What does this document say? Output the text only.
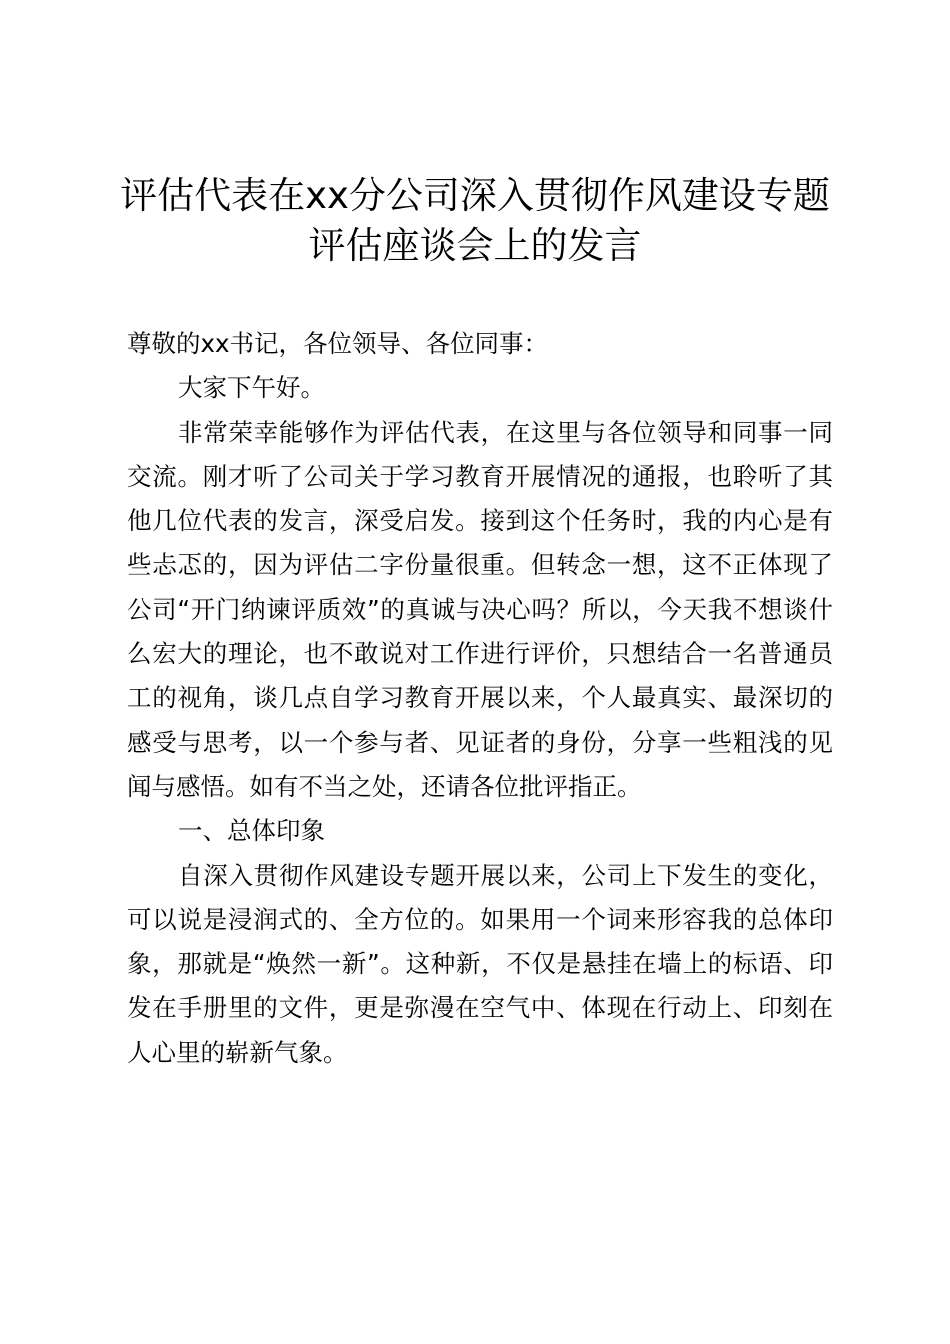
评估代表在xx分公司深入贯彻作风建设专题
评估座谈会上的发言

尊敬的xx书记，各位领导、各位同事：

大家下午好。

非常荣幸能够作为评估代表，在这里与各位领导和同事一同交流。刚才听了公司关于学习教育开展情况的通报，也聆听了其他几位代表的发言，深受启发。接到这个任务时，我的内心是有些忐忑的，因为评估二字份量很重。但转念一想，这不正体现了公司“开门纳谏评质效”的真诚与决心吗？所以，今天我不想谈什么宏大的理论，也不敢说对工作进行评价，只想结合一名普通员工的视角，谈几点自学习教育开展以来，个人最真实、最深切的感受与思考，以一个参与者、见证者的身份，分享一些粗浅的见闻与感悟。如有不当之处，还请各位批评指正。

一、总体印象

自深入贯彻作风建设专题开展以来，公司上下发生的变化，可以说是浸润式的、全方位的。如果用一个词来形容我的总体印象，那就是“焕然一新”。这种新，不仅是悬挂在墙上的标语、印发在手册里的文件，更是弥漫在空气中、体现在行动上、印刻在人心里的崭新气象。
